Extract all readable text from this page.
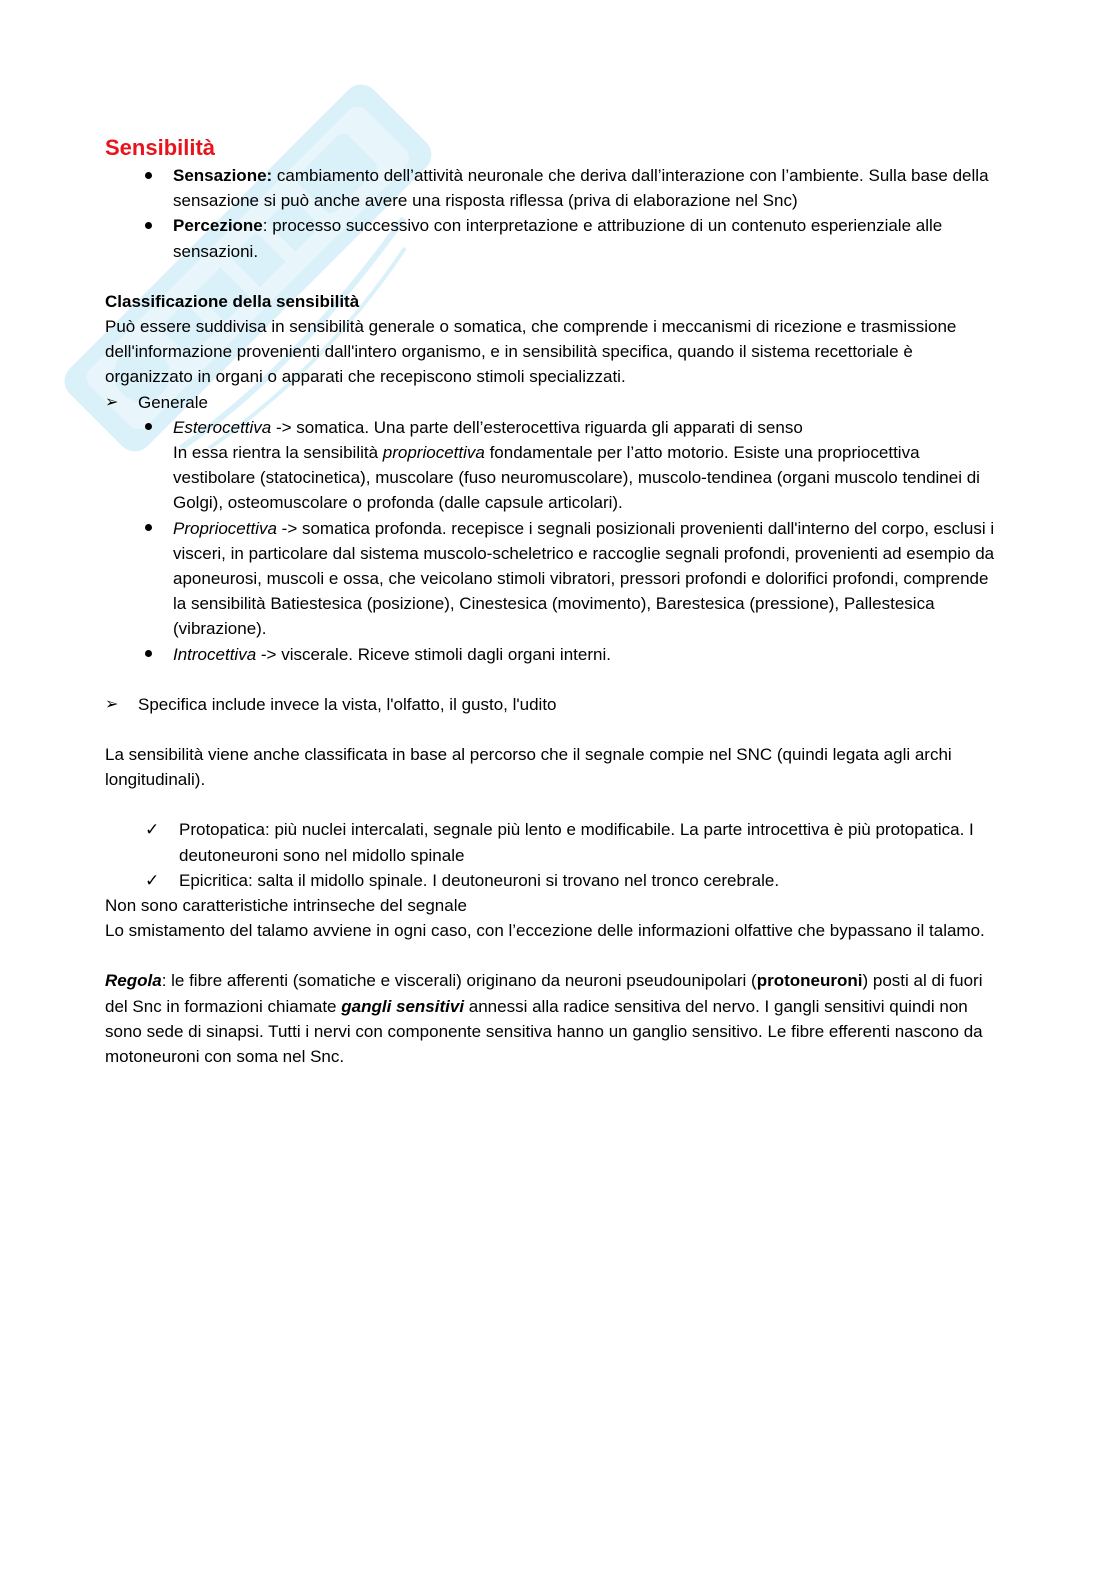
Sensibilità
Sensazione: cambiamento dell’attività neuronale che deriva dall’interazione con l’ambiente. Sulla base della sensazione si può anche avere una risposta riflessa (priva di elaborazione nel Snc)
Percezione: processo successivo con interpretazione e attribuzione di un contenuto esperienziale alle sensazioni.

Classificazione della sensibilità

Può essere suddivisa in sensibilità generale o somatica, che comprende i meccanismi di ricezione e trasmissione dell'informazione provenienti dall'intero organismo, e in sensibilità specifica, quando il sistema recettoriale è organizzato in organi o apparati che recepiscono stimoli specializzati.

➢	Generale
Esterocettiva -> somatica. Una parte dell’esterocettiva riguarda gli apparati di senso
In essa rientra la sensibilità propriocettiva fondamentale per l’atto motorio. Esiste una propriocettiva vestibolare (statocinetica), muscolare (fuso neuromuscolare), muscolo-tendinea (organi muscolo tendinei di Golgi), osteomuscolare o profonda (dalle capsule articolari).
Propriocettiva -> somatica profonda. recepisce i segnali posizionali provenienti dall'interno del corpo, esclusi i visceri, in particolare dal sistema muscolo-scheletrico e raccoglie segnali profondi, provenienti ad esempio da aponeurosi, muscoli e ossa, che veicolano stimoli vibratori, pressori profondi e dolorifici profondi, comprende la sensibilità Batiestesica (posizione), Cinestesica (movimento), Barestesica (pressione), Pallestesica (vibrazione).
Introcettiva -> viscerale. Riceve stimoli dagli organi interni.
➢	Specifica include invece la vista, l'olfatto, il gusto, l'udito

La sensibilità viene anche classificata in base al percorso che il segnale compie nel SNC (quindi legata agli archi longitudinali).

✓	Protopatica: più nuclei intercalati, segnale più lento e modificabile. La parte introcettiva è più protopatica. I deutoneuroni sono nel midollo spinale
✓	Epicritica: salta il midollo spinale. I deutoneuroni si trovano nel tronco cerebrale.

Non sono caratteristiche intrinseche del segnale

Lo smistamento del talamo avviene in ogni caso, con l’eccezione delle informazioni olfattive che bypassano il talamo.

Regola: le fibre afferenti (somatiche e viscerali) originano da neuroni pseudounipolari (protoneuroni) posti al di fuori del Snc in formazioni chiamate gangli sensitivi annessi alla radice sensitiva del nervo. I gangli sensitivi quindi non sono sede di sinapsi. Tutti i nervi con componente sensitiva hanno un ganglio sensitivo. Le fibre efferenti nascono da motoneuroni con soma nel Snc.
